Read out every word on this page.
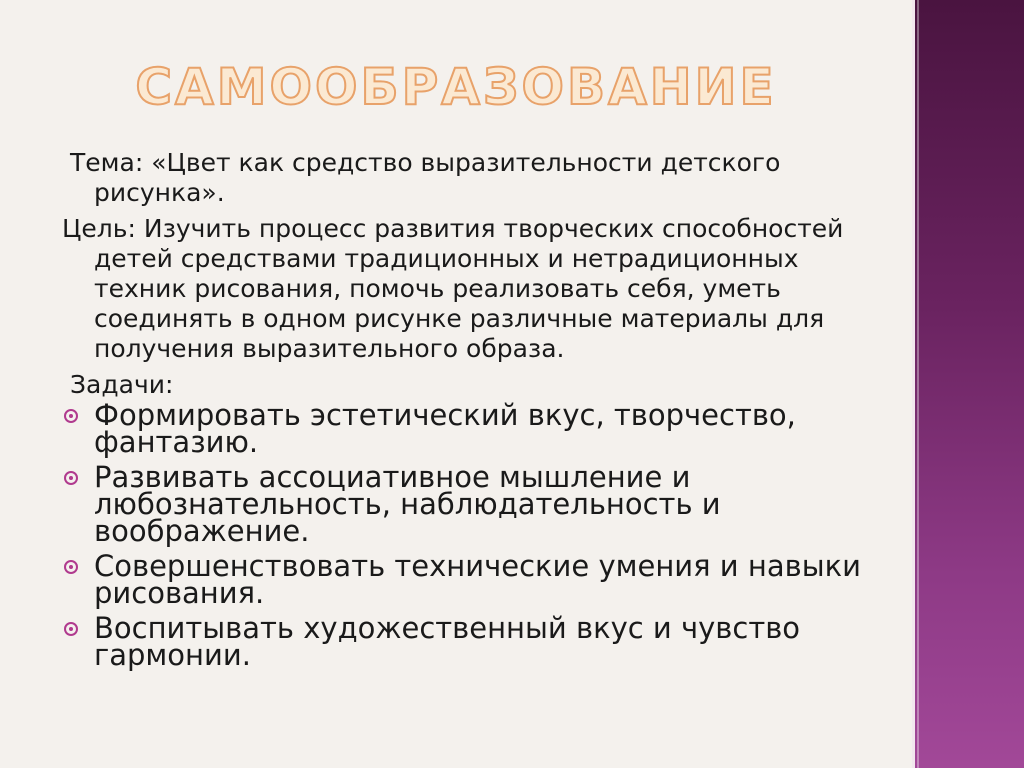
САМООБРАЗОВАНИЕ

Тема: «Цвет как средство выразительности детского рисунка».

Цель: Изучить процесс развития творческих способностей детей средствами традиционных и нетрадиционных техник рисования, помочь реализовать себя, уметь соединять в одном рисунке различные материалы для получения выразительного образа.

Задачи:

Формировать эстетический вкус, творчество, фантазию.
Развивать ассоциативное мышление и любознательность, наблюдательность и воображение.
Совершенствовать технические умения и навыки рисования.
Воспитывать художественный вкус и чувство гармонии.
